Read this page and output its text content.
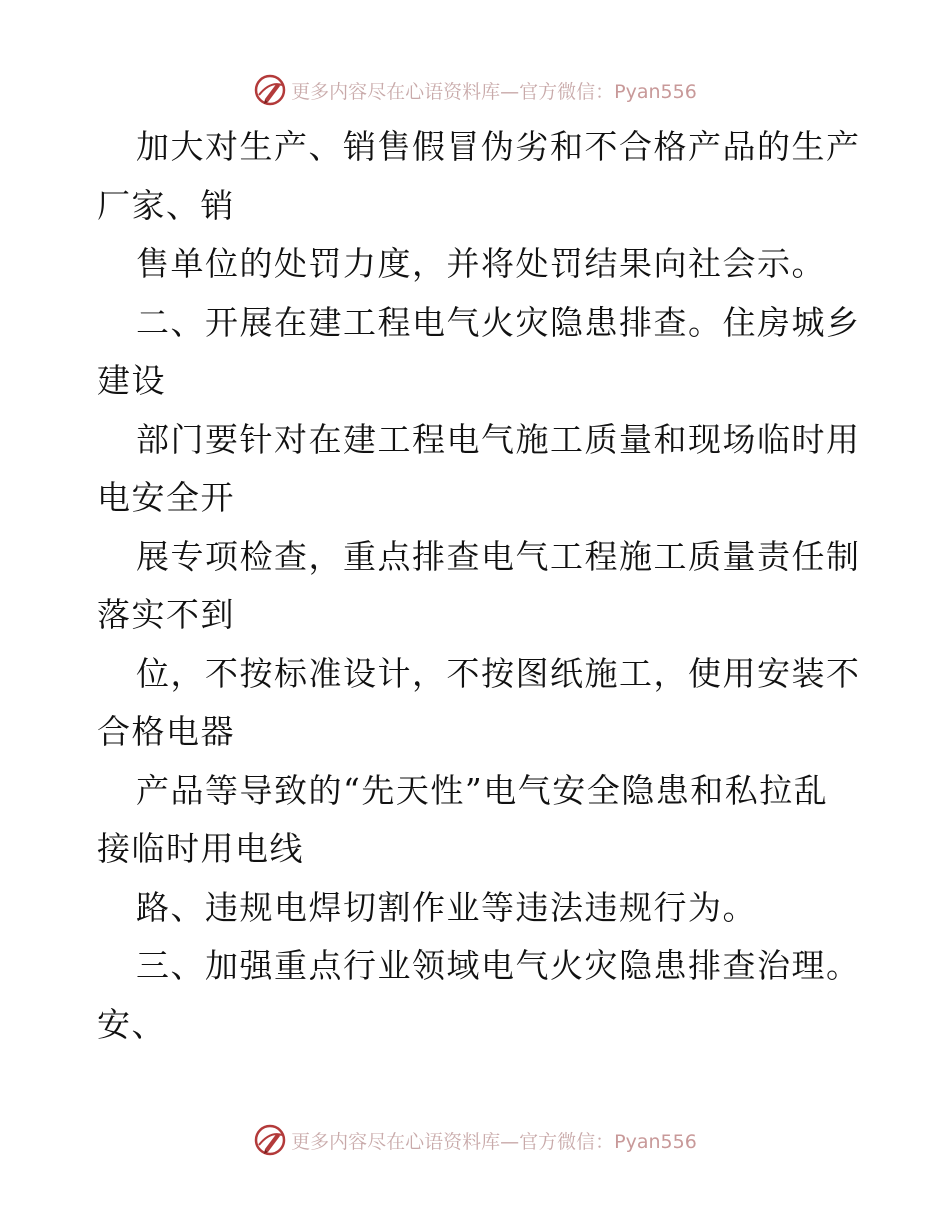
更多内容尽在心语资料库—官方微信：Pyan556
加大对生产、销售假冒伪劣和不合格产品的生产
厂家、销
售单位的处罚力度，并将处罚结果向社会示。
二、开展在建工程电气火灾隐患排查。住房城乡
建设
部门要针对在建工程电气施工质量和现场临时用
电安全开
展专项检查，重点排查电气工程施工质量责任制
落实不到
位，不按标准设计，不按图纸施工，使用安装不
合格电器
产品等导致的“先天性”电气安全隐患和私拉乱
接临时用电线
路、违规电焊切割作业等违法违规行为。
三、加强重点行业领域电气火灾隐患排查治理。
安、
更多内容尽在心语资料库—官方微信：Pyan556
